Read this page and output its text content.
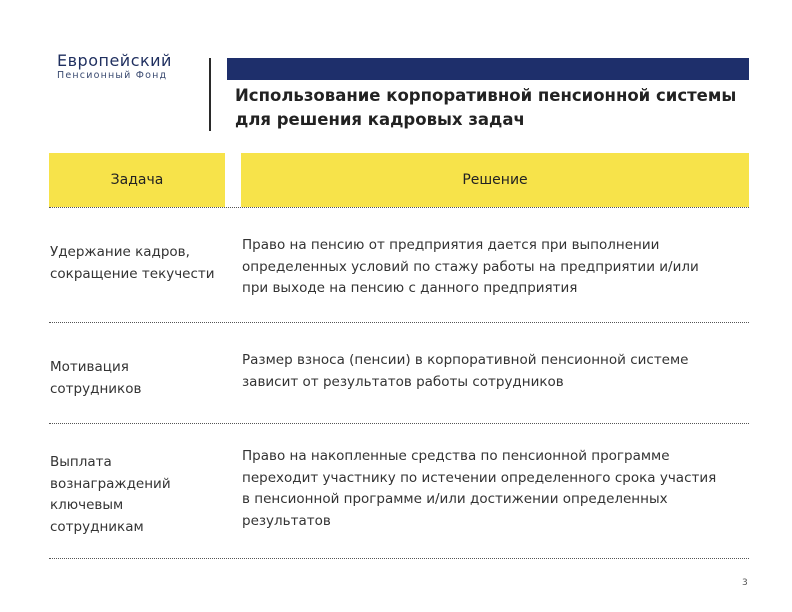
Европейский
Пенсионный Фонд
Использование корпоративной пенсионной системы
для решения кадровых задач
Задача	Решение
Удержание кадров,
сокращение текучести
Право на пенсию от предприятия дается при выполнении
определенных условий по стажу работы на предприятии и/или
при выходе на пенсию с данного предприятия
Мотивация
сотрудников
Размер взноса (пенсии) в корпоративной пенсионной системе
зависит от результатов работы сотрудников
Выплата
вознаграждений
ключевым
сотрудникам
Право на накопленные средства по пенсионной программе
переходит участнику по истечении определенного срока участия
в пенсионной программе и/или достижении определенных
результатов
3
